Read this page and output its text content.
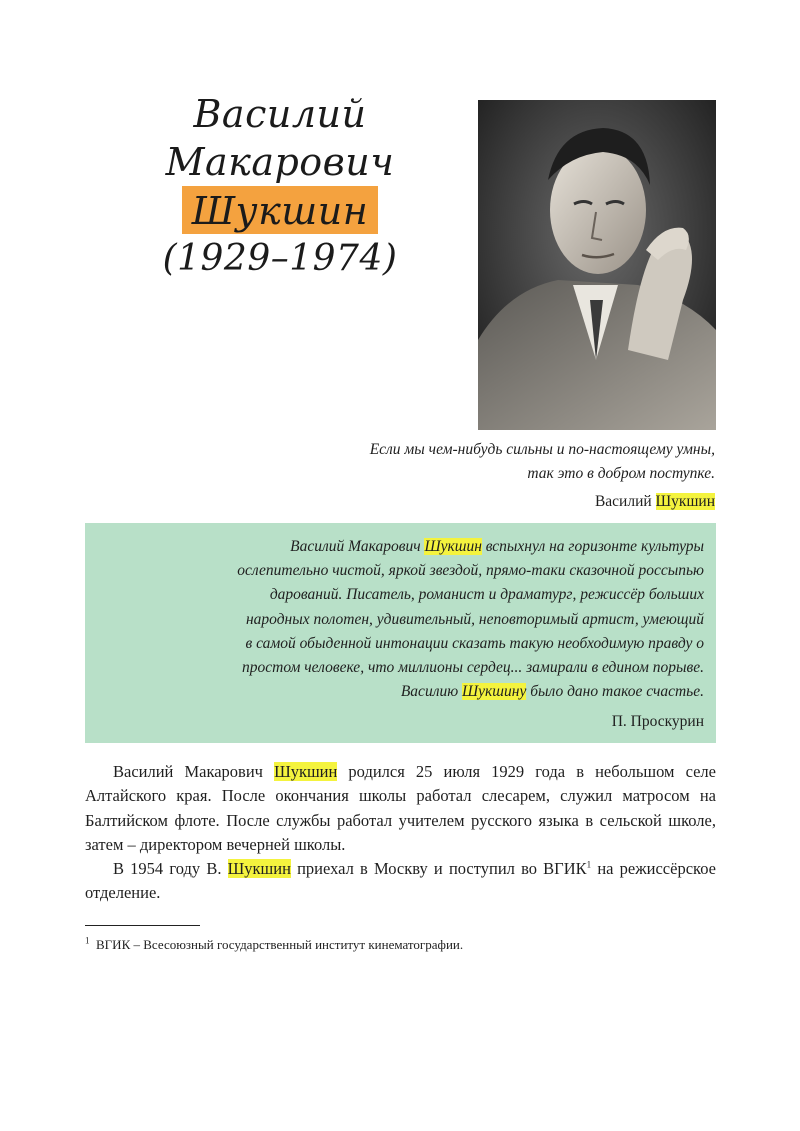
Василий
Макарович
Шукшин
(1929–1974)
Если мы чем-нибудь сильны и по-настоящему умны,
так это в добром поступке.
Василий Шукшин
Василий Макарович Шукшин вспыхнул на горизонте культуры
ослепительно чистой, яркой звездой, прямо-таки сказочной россыпью
дарований. Писатель, романист и драматург, режиссёр больших
народных полотен, удивительный, неповторимый артист, умеющий
в самой обыденной интонации сказать такую необходимую правду о
простом человеке, что миллионы сердец... замирали в едином порыве.
Василию Шукшину было дано такое счастье.
П. Проскурин

Василий Макарович Шукшин родился 25 июля 1929 года в небольшом селе Алтайского края. После окончания школы работал слесарем, служил матросом на Балтийском флоте. После службы работал учителем русского языка в сельской школе, затем – директором вечерней школы.

В 1954 году В. Шукшин приехал в Москву и поступил во ВГИК$^1$ на режиссёрское отделение.

$^1$ ВГИК – Всесоюзный государственный институт кинематографии.
